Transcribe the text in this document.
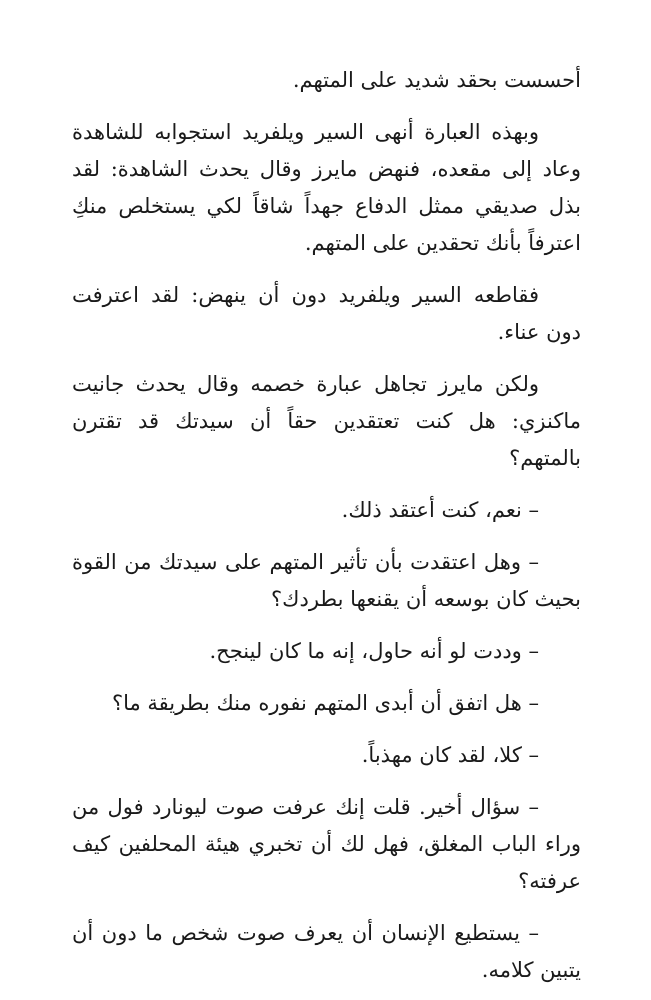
أحسست بحقد شديد على المتهم.

وبهذه العبارة أنهى السير ويلفريد استجوابه للشاهدة وعاد إلى مقعده، فنهض مايرز وقال يحدث الشاهدة: لقد بذل صديقي ممثل الدفاع جهداً شاقاً لكي يستخلص منكِ اعترفاً بأنك تحقدين على المتهم.

فقاطعه السير ويلفريد دون أن ينهض: لقد اعترفت دون عناء.

ولكن مايرز تجاهل عبارة خصمه وقال يحدث جانيت ماكنزي: هل كنت تعتقدين حقاً أن سيدتك قد تقترن بالمتهم؟

– نعم، كنت أعتقد ذلك.

– وهل اعتقدت بأن تأثير المتهم على سيدتك من القوة بحيث كان بوسعه أن يقنعها بطردك؟

– وددت لو أنه حاول، إنه ما كان لينجح.

– هل اتفق أن أبدى المتهم نفوره منك بطريقة ما؟

– كلا، لقد كان مهذباً.

– سؤال أخير. قلت إنك عرفت صوت ليونارد فول من وراء الباب المغلق، فهل لك أن تخبري هيئة المحلفين كيف عرفته؟

– يستطيع الإنسان أن يعرف صوت شخص ما دون أن يتبين كلامه.
